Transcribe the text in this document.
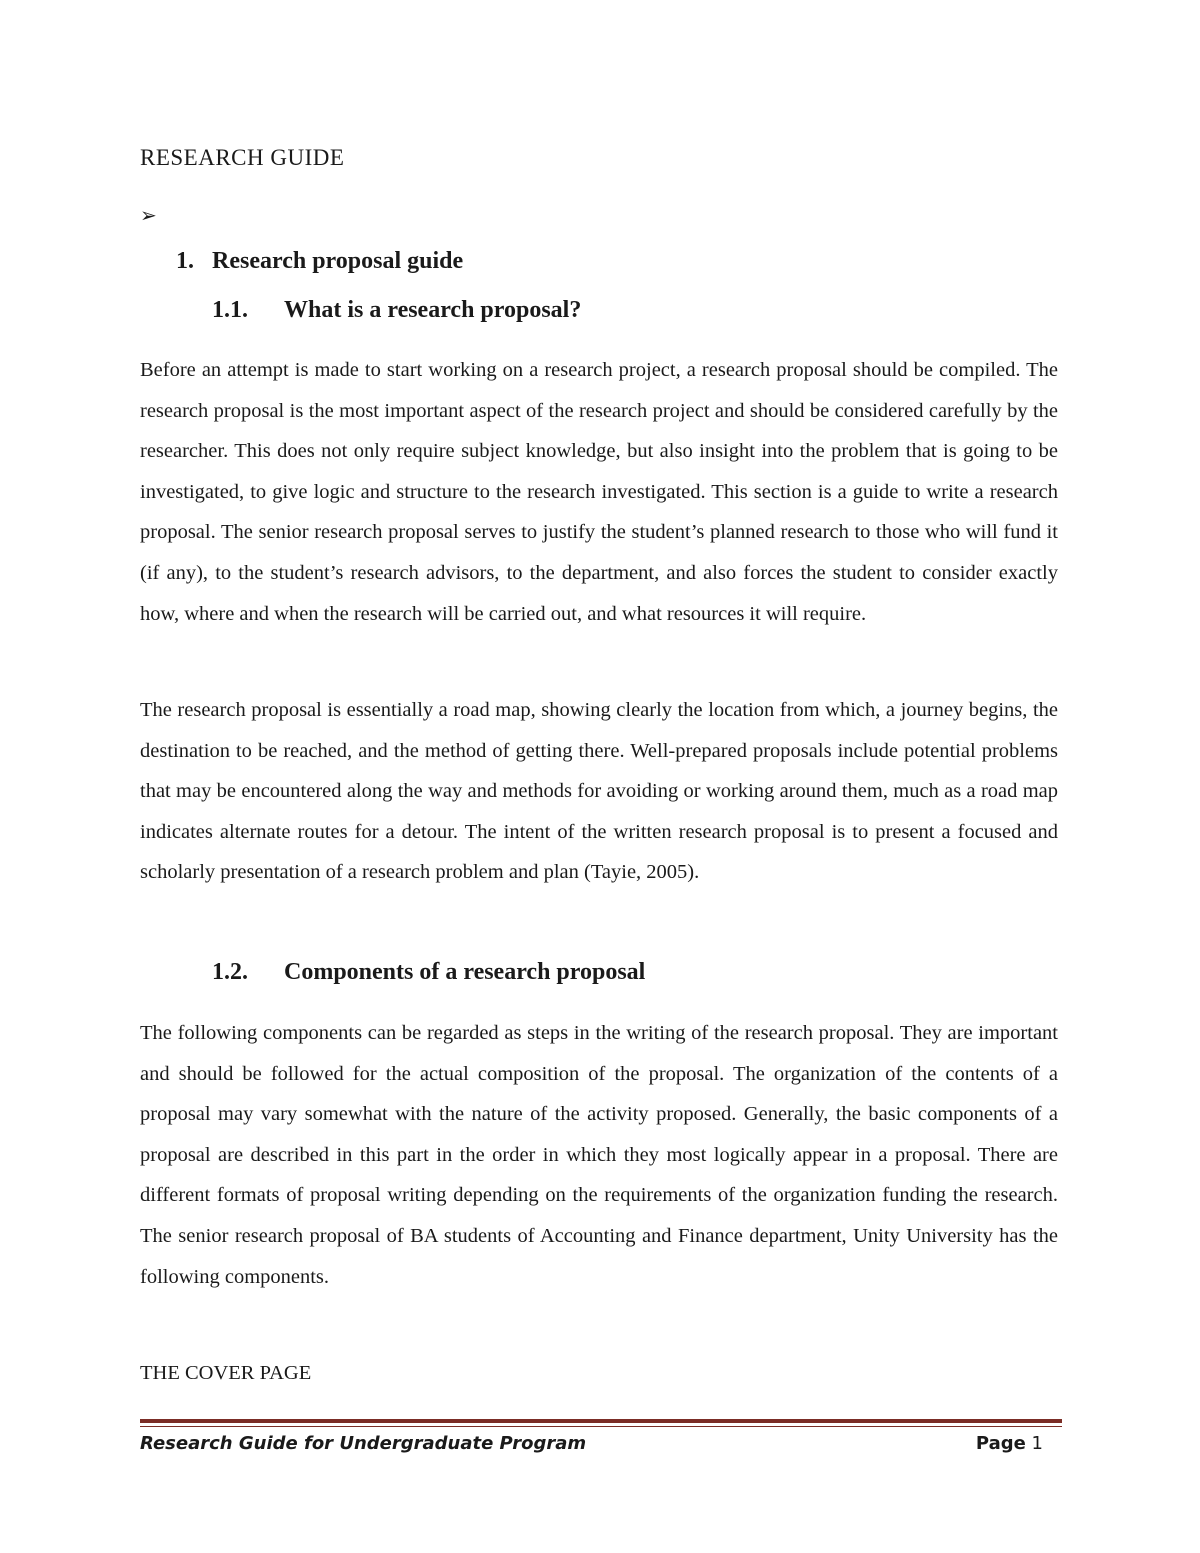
RESEARCH GUIDE
➢
1. Research proposal guide
1.1. What is a research proposal?

Before an attempt is made to start working on a research project, a research proposal should be compiled. The research proposal is the most important aspect of the research project and should be considered carefully by the researcher. This does not only require subject knowledge, but also insight into the problem that is going to be investigated, to give logic and structure to the research investigated. This section is a guide to write a research proposal. The senior research proposal serves to justify the student’s planned research to those who will fund it (if any), to the student’s research advisors, to the department, and also forces the student to consider exactly how, where and when the research will be carried out, and what resources it will require.

The research proposal is essentially a road map, showing clearly the location from which, a journey begins, the destination to be reached, and the method of getting there. Well-prepared proposals include potential problems that may be encountered along the way and methods for avoiding or working around them, much as a road map indicates alternate routes for a detour. The intent of the written research proposal is to present a focused and scholarly presentation of a research problem and plan (Tayie, 2005).

1.2. Components of a research proposal

The following components can be regarded as steps in the writing of the research proposal. They are important and should be followed for the actual composition of the proposal. The organization of the contents of a proposal may vary somewhat with the nature of the activity proposed. Generally, the basic components of a proposal are described in this part in the order in which they most logically appear in a proposal. There are different formats of proposal writing depending on the requirements of the organization funding the research. The senior research proposal of BA students of Accounting and Finance department, Unity University has the following components.

THE COVER PAGE
Research Guide for Undergraduate Program	Page 1
